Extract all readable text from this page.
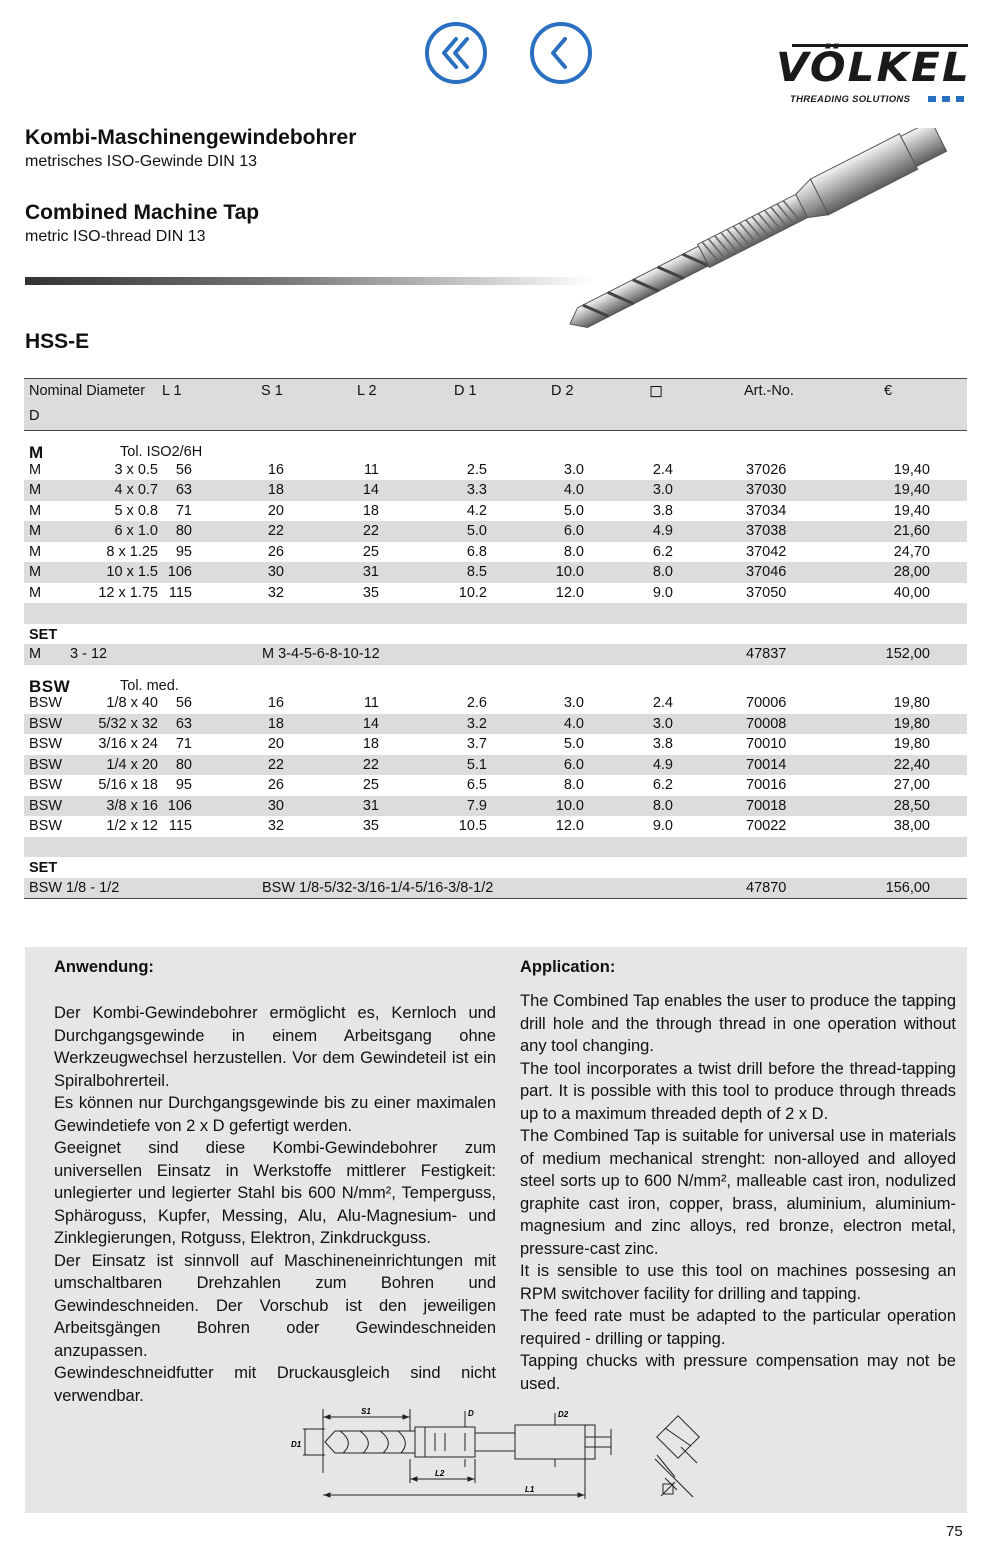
VÖLKEL
THREADING SOLUTIONS
Kombi-Maschinengewindebohrer
metrisches ISO-Gewinde DIN 13
Combined Machine Tap
metric ISO-thread DIN 13
HSS-E
Nominal Diameter
D
L 1	S 1	L 2	D 1	D 2	◻	Art.-No.	€
M	Tol. ISO2/6H
M	3 x 0.5 56	16	11	2.5	3.0	2.4	37026	19,40
M	4 x 0.7 63	18	14	3.3	4.0	3.0	37030	19,40
M	5 x 0.8 71	20	18	4.2	5.0	3.8	37034	19,40
M	6 x 1.0 80	22	22	5.0	6.0	4.9	37038	21,60
M	8 x 1.25 95	26	25	6.8	8.0	6.2	37042	24,70
M	10 x 1.5 106	30	31	8.5	10.0	8.0	37046	28,00
M	12 x 1.75 115	32	35	10.2	12.0	9.0	37050	40,00
SET
M 3 - 12	M 3-4-5-6-8-10-12	47837	152,00
BSW	Tol. med.
BSW	1/8 x 40 56	16	11	2.6	3.0	2.4	70006	19,80
BSW	5/32 x 32 63	18	14	3.2	4.0	3.0	70008	19,80
BSW	3/16 x 24 71	20	18	3.7	5.0	3.8	70010	19,80
BSW	1/4 x 20 80	22	22	5.1	6.0	4.9	70014	22,40
BSW	5/16 x 18 95	26	25	6.5	8.0	6.2	70016	27,00
BSW	3/8 x 16 106	30	31	7.9	10.0	8.0	70018	28,50
BSW	1/2 x 12 115	32	35	10.5	12.0	9.0	70022	38,00
SET
BSW 1/8 - 1/2	BSW 1/8-5/32-3/16-1/4-5/16-3/8-1/2	47870	156,00
Anwendung:	Application:

Der Kombi-Gewindebohrer ermöglicht es, Kernloch und Durchgangsgewinde in einem Arbeitsgang ohne Werkzeugwechsel herzustellen. Vor dem Gewindeteil ist ein Spiralbohrerteil.

Es können nur Durchgangsgewinde bis zu einer maximalen Gewindetiefe von 2 x D gefertigt werden.

Geeignet sind diese Kombi-Gewindebohrer zum universellen Einsatz in Werkstoffe mittlerer Festigkeit: unlegierter und legierter Stahl bis 600 N/mm², Temperguss, Sphäroguss, Kupfer, Messing, Alu, Alu-Magnesium- und Zinklegierungen, Rotguss, Elektron, Zinkdruckguss.

Der Einsatz ist sinnvoll auf Maschineneinrichtungen mit umschaltbaren Drehzahlen zum Bohren und Gewindeschneiden. Der Vorschub ist den jeweiligen Arbeitsgängen Bohren oder Gewindeschneiden anzupassen.

Gewindeschneidfutter mit Druckausgleich sind nicht verwendbar.

The Combined Tap enables the user to produce the tapping drill hole and the through thread in one operation without any tool changing.

The tool incorporates a twist drill before the thread-tapping part. It is possible with this tool to produce through threads up to a maximum threaded depth of 2 x D.

The Combined Tap is suitable for universal use in materials of medium mechanical strenght: non-alloyed and alloyed steel sorts up to 600 N/mm², malleable cast iron, nodulized graphite cast iron, copper, brass, aluminium, aluminium-magnesium and zinc alloys, red bronze, electron metal, pressure-cast zinc.

It is sensible to use this tool on machines possesing an RPM switchover facility for drilling and tapping.

The feed rate must be adapted to the particular operation required - drilling or tapping.

Tapping chucks with pressure compensation may not be used.

S1	D	D2
D1
L2
L1
75
